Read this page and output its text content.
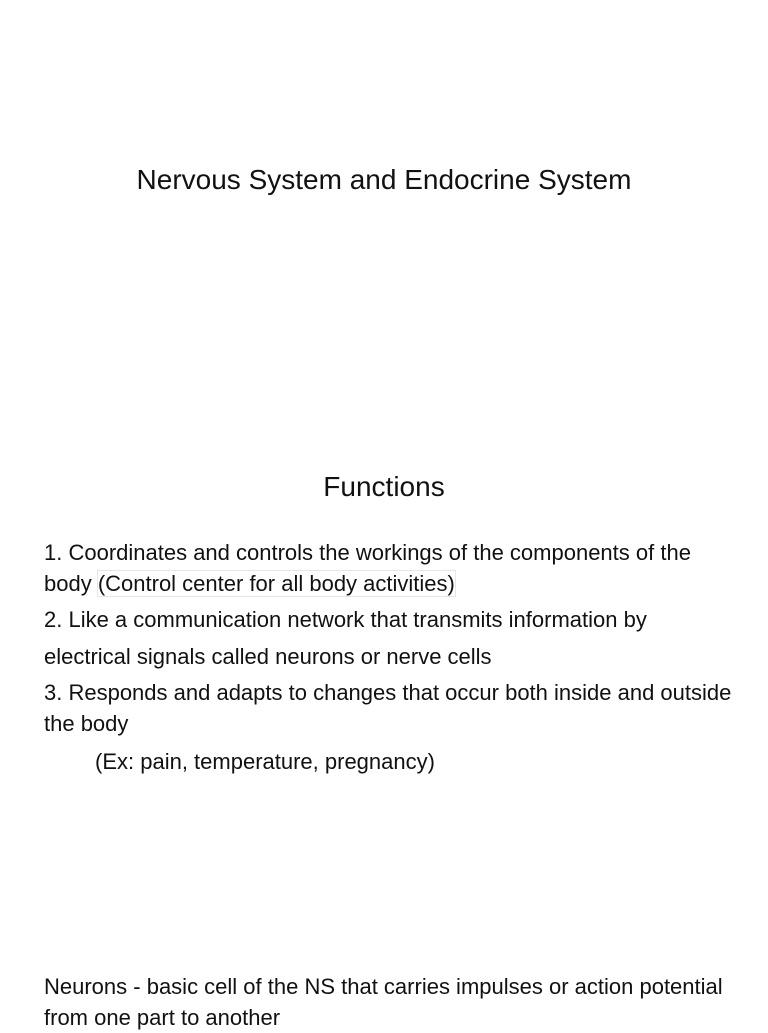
Nervous System and Endocrine System
Functions

1. Coordinates and controls the workings of the components of the body (Control center for all body activities)

2. Like a communication network that transmits information by

electrical signals called neurons or nerve cells

3. Responds and adapts to changes that occur both inside and outside the body

(Ex: pain, temperature, pregnancy)

Neurons - basic cell of the NS that carries impulses or action potential from one part to another
